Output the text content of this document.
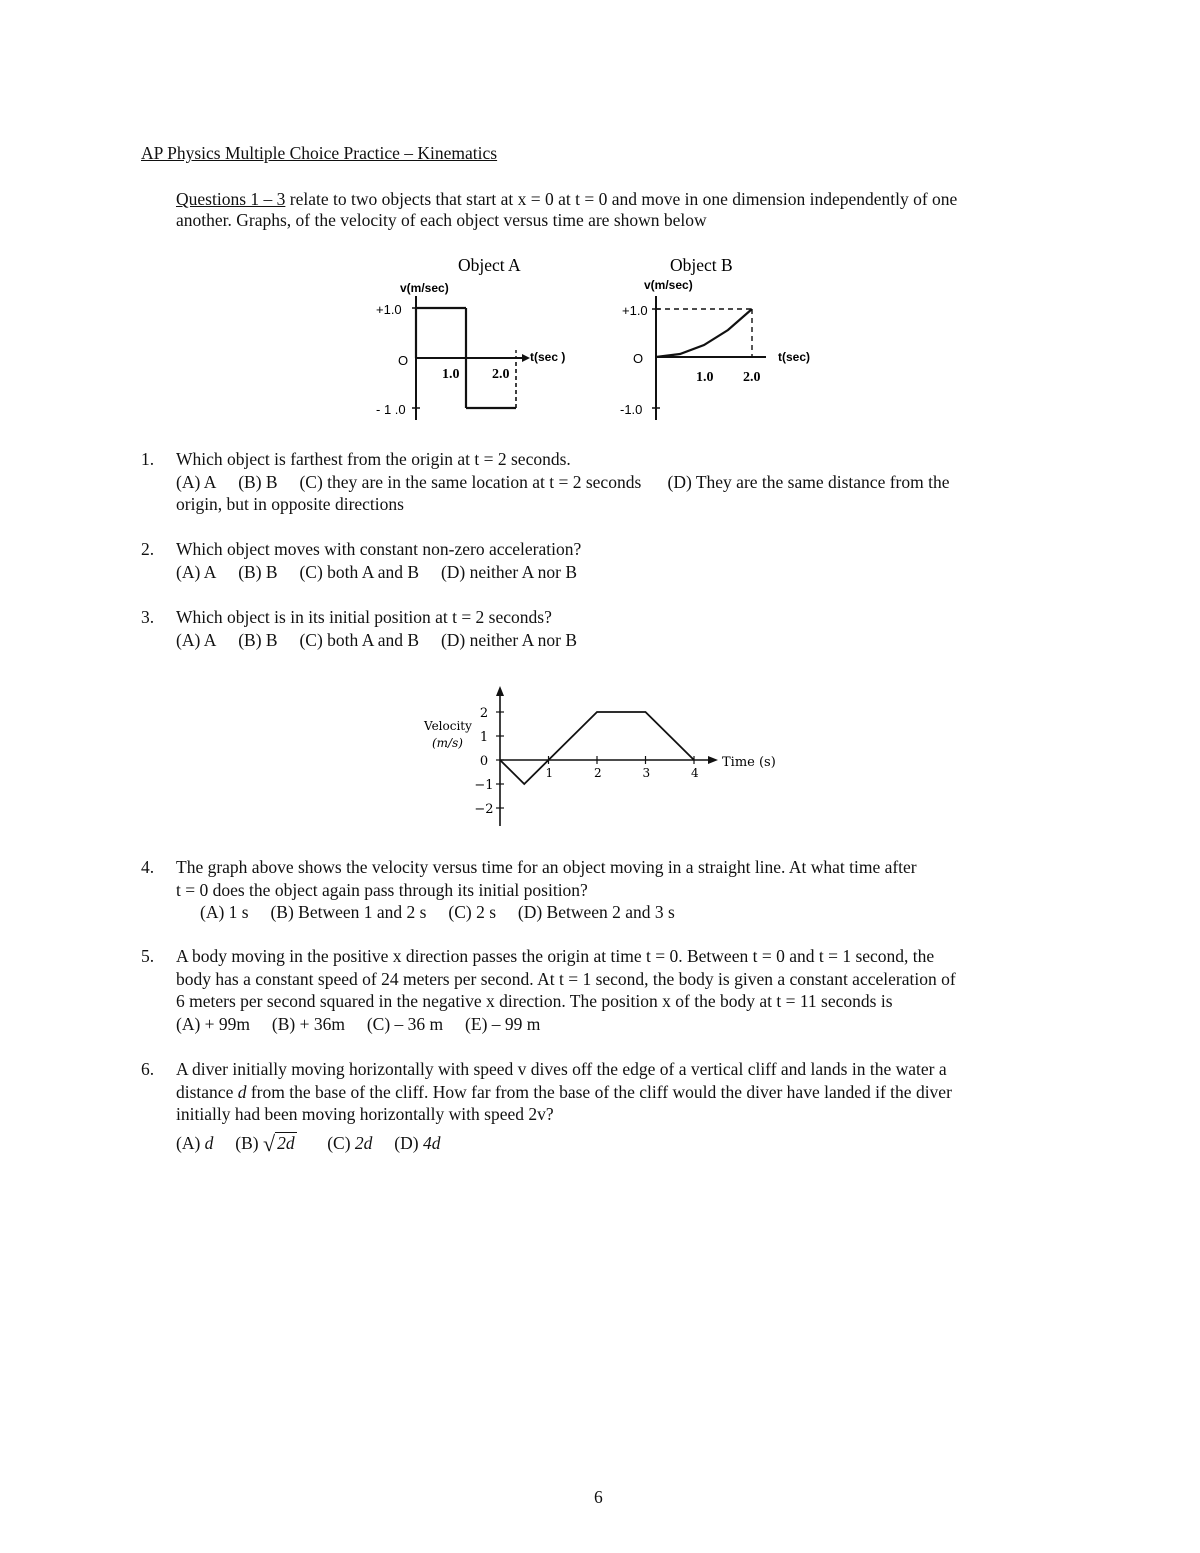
AP Physics Multiple Choice Practice – Kinematics

Questions 1 – 3 relate to two objects that start at x = 0 at t = 0 and move in one dimension independently of one
another. Graphs, of the velocity of each object versus time are shown below
Object A
v(m/sec)
+1.0
O
- 1 .0
1.0 2.0
t(sec )
Object B
v(m/sec)
+1.0
O
-1.0
1.0 2.0
t(sec)
1. Which object is farthest from the origin at t = 2 seconds.
(A) A (B) B (C) they are in the same location at t = 2 seconds (D) They are the same distance from the
origin, but in opposite directions
2. Which object moves with constant non-zero acceleration?
(A) A (B) B (C) both A and B (D) neither A nor B
3. Which object is in its initial position at t = 2 seconds?
(A) A (B) B (C) both A and B (D) neither A nor B
Velocity
(m/s)
Time (s)
1	2	3	4
2
1
0
−1
−2
4. The graph above shows the velocity versus time for an object moving in a straight line. At what time after
t = 0 does the object again pass through its initial position?
(A) 1 s (B) Between 1 and 2 s (C) 2 s (D) Between 2 and 3 s
5. A body moving in the positive x direction passes the origin at time t = 0. Between t = 0 and t = 1 second, the
body has a constant speed of 24 meters per second. At t = 1 second, the body is given a constant acceleration of
6 meters per second squared in the negative x direction. The position x of the body at t = 11 seconds is
(A) + 99m (B) + 36m (C) – 36 m (E) – 99 m
6. A diver initially moving horizontally with speed v dives off the edge of a vertical cliff and lands in the water a
distance d from the base of the cliff. How far from the base of the cliff would the diver have landed if the diver
initially had been moving horizontally with speed 2v?
(A) d (B) √ 2d (C) 2d (D) 4d
6
